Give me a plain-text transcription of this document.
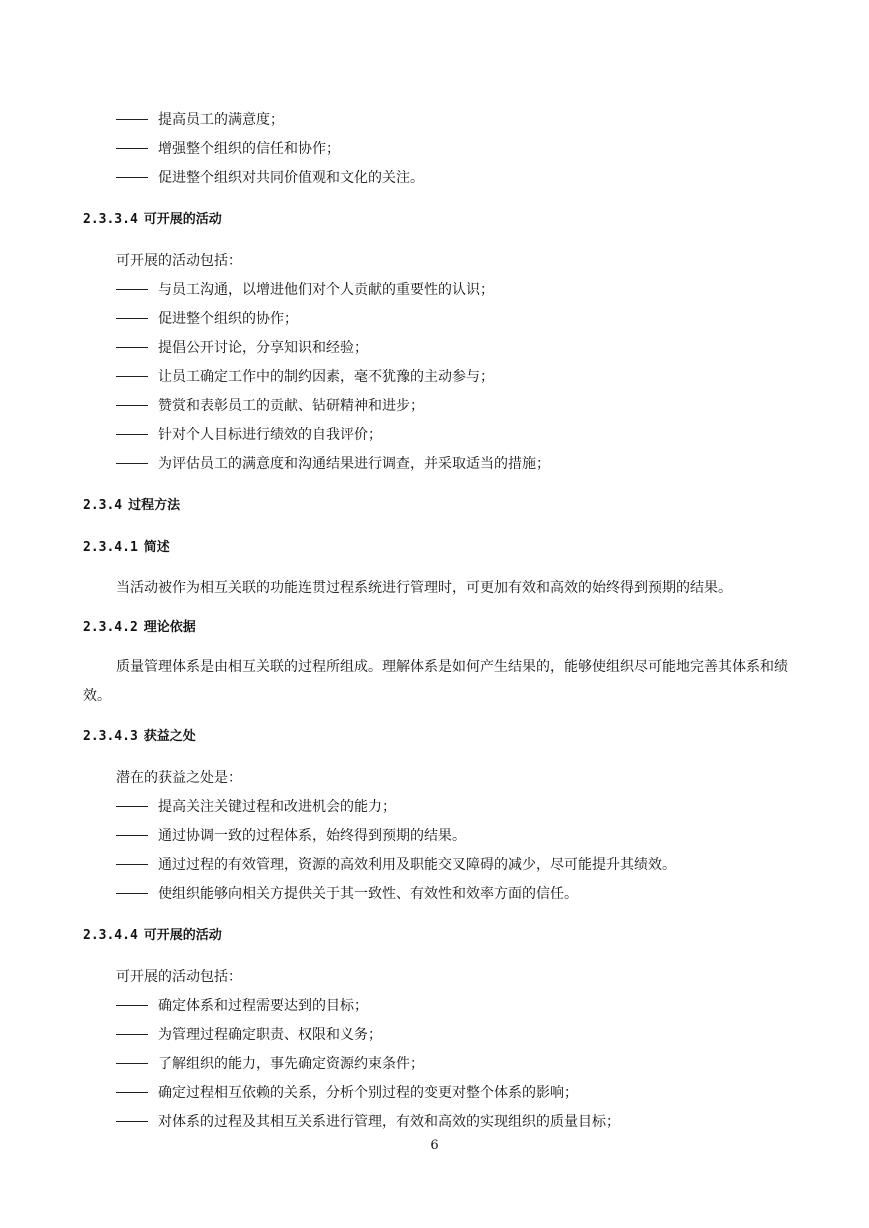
提高员工的满意度；
增强整个组织的信任和协作；
促进整个组织对共同价值观和文化的关注。
2.3.3.4 可开展的活动
可开展的活动包括：
与员工沟通，以增进他们对个人贡献的重要性的认识；
促进整个组织的协作；
提倡公开讨论，分享知识和经验；
让员工确定工作中的制约因素，毫不犹豫的主动参与；
赞赏和表彰员工的贡献、钻研精神和进步；
针对个人目标进行绩效的自我评价；
为评估员工的满意度和沟通结果进行调查，并采取适当的措施；
2.3.4 过程方法
2.3.4.1 简述
当活动被作为相互关联的功能连贯过程系统进行管理时，可更加有效和高效的始终得到预期的结果。
2.3.4.2 理论依据
质量管理体系是由相互关联的过程所组成。理解体系是如何产生结果的，能够使组织尽可能地完善其体系和绩效。
2.3.4.3 获益之处
潜在的获益之处是：
提高关注关键过程和改进机会的能力；
通过协调一致的过程体系，始终得到预期的结果。
通过过程的有效管理，资源的高效利用及职能交叉障碍的减少，尽可能提升其绩效。
使组织能够向相关方提供关于其一致性、有效性和效率方面的信任。
2.3.4.4 可开展的活动
可开展的活动包括：
确定体系和过程需要达到的目标；
为管理过程确定职责、权限和义务；
了解组织的能力，事先确定资源约束条件；
确定过程相互依赖的关系，分析个别过程的变更对整个体系的影响；
对体系的过程及其相互关系进行管理，有效和高效的实现组织的质量目标；
6
